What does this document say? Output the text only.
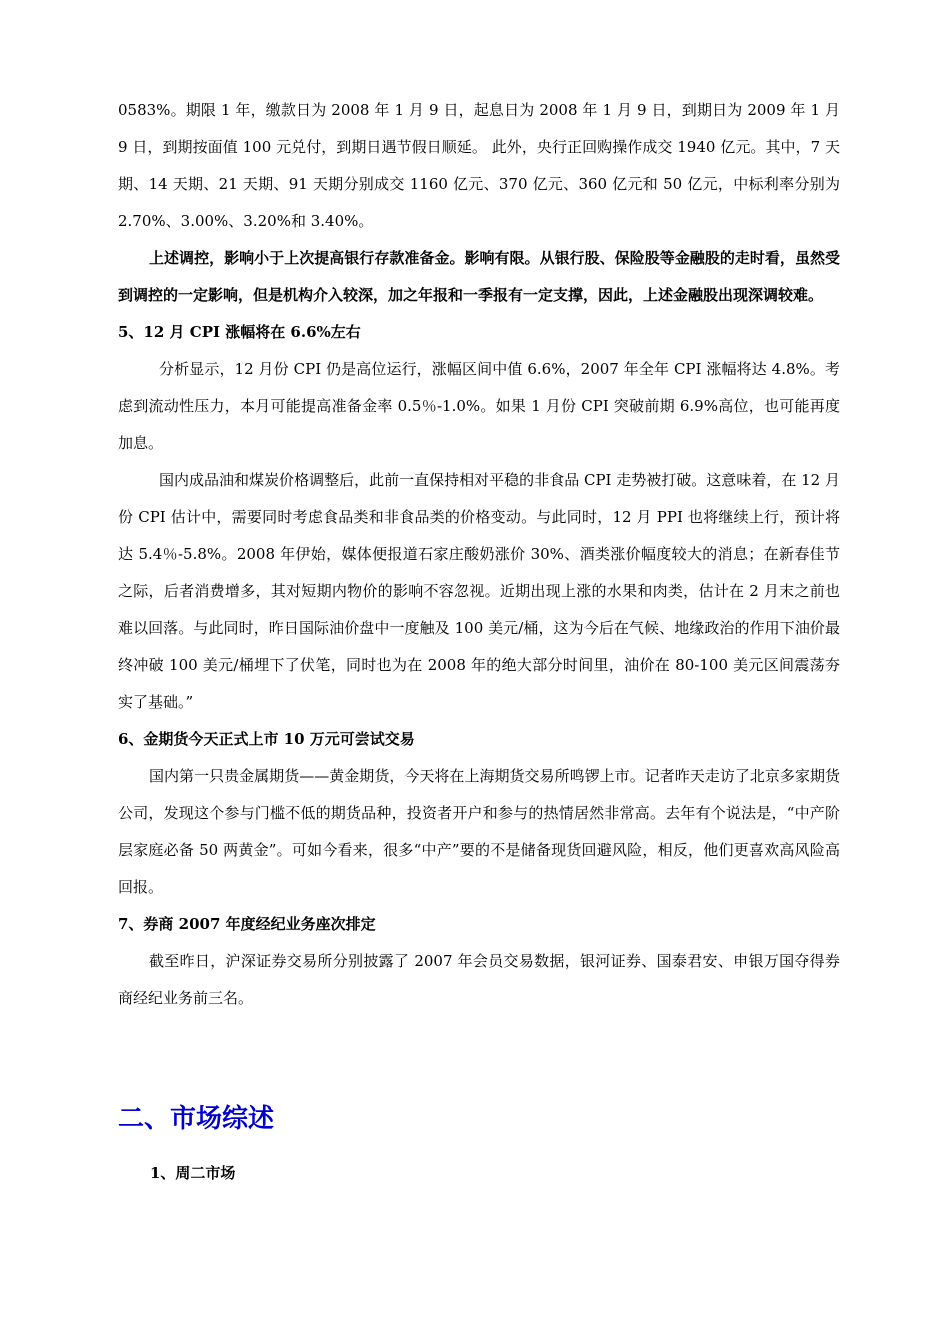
0583%。期限 1 年，缴款日为 2008 年 1 月 9 日，起息日为 2008 年 1 月 9 日，到期日为 2009 年 1 月 9 日，到期按面值 100 元兑付，到期日遇节假日顺延。 此外，央行正回购操作成交 1940 亿元。其中，7 天期、14 天期、21 天期、91 天期分别成交 1160 亿元、370 亿元、360 亿元和 50 亿元，中标利率分别为 2.70%、3.00%、3.20%和 3.40%。

上述调控，影响小于上次提高银行存款准备金。影响有限。从银行股、保险股等金融股的走时看，虽然受到调控的一定影响，但是机构介入较深，加之年报和一季报有一定支撑，因此，上述金融股出现深调较难。

5、12 月 CPI 涨幅将在 6.6%左右

分析显示，12 月份 CPI 仍是高位运行，涨幅区间中值 6.6%，2007 年全年 CPI 涨幅将达 4.8%。考虑到流动性压力，本月可能提高准备金率 0.5％-1.0%。如果 1 月份 CPI 突破前期 6.9%高位，也可能再度加息。

国内成品油和煤炭价格调整后，此前一直保持相对平稳的非食品 CPI 走势被打破。这意味着，在 12 月份 CPI 估计中，需要同时考虑食品类和非食品类的价格变动。与此同时，12 月 PPI 也将继续上行，预计将达 5.4％-5.8%。2008 年伊始，媒体便报道石家庄酸奶涨价 30%、酒类涨价幅度较大的消息；在新春佳节之际，后者消费增多，其对短期内物价的影响不容忽视。近期出现上涨的水果和肉类，估计在 2 月末之前也难以回落。与此同时，昨日国际油价盘中一度触及 100 美元/桶，这为今后在气候、地缘政治的作用下油价最终冲破 100 美元/桶埋下了伏笔，同时也为在 2008 年的绝大部分时间里，油价在 80-100 美元区间震荡夯实了基础。”

6、金期货今天正式上市 10 万元可尝试交易

国内第一只贵金属期货——黄金期货，今天将在上海期货交易所鸣锣上市。记者昨天走访了北京多家期货公司，发现这个参与门槛不低的期货品种，投资者开户和参与的热情居然非常高。去年有个说法是，“中产阶层家庭必备 50 两黄金”。可如今看来，很多“中产”要的不是储备现货回避风险，相反，他们更喜欢高风险高回报。

7、券商 2007 年度经纪业务座次排定

截至昨日，沪深证券交易所分别披露了 2007 年会员交易数据，银河证券、国泰君安、申银万国夺得券商经纪业务前三名。

二、市场综述
1、周二市场
